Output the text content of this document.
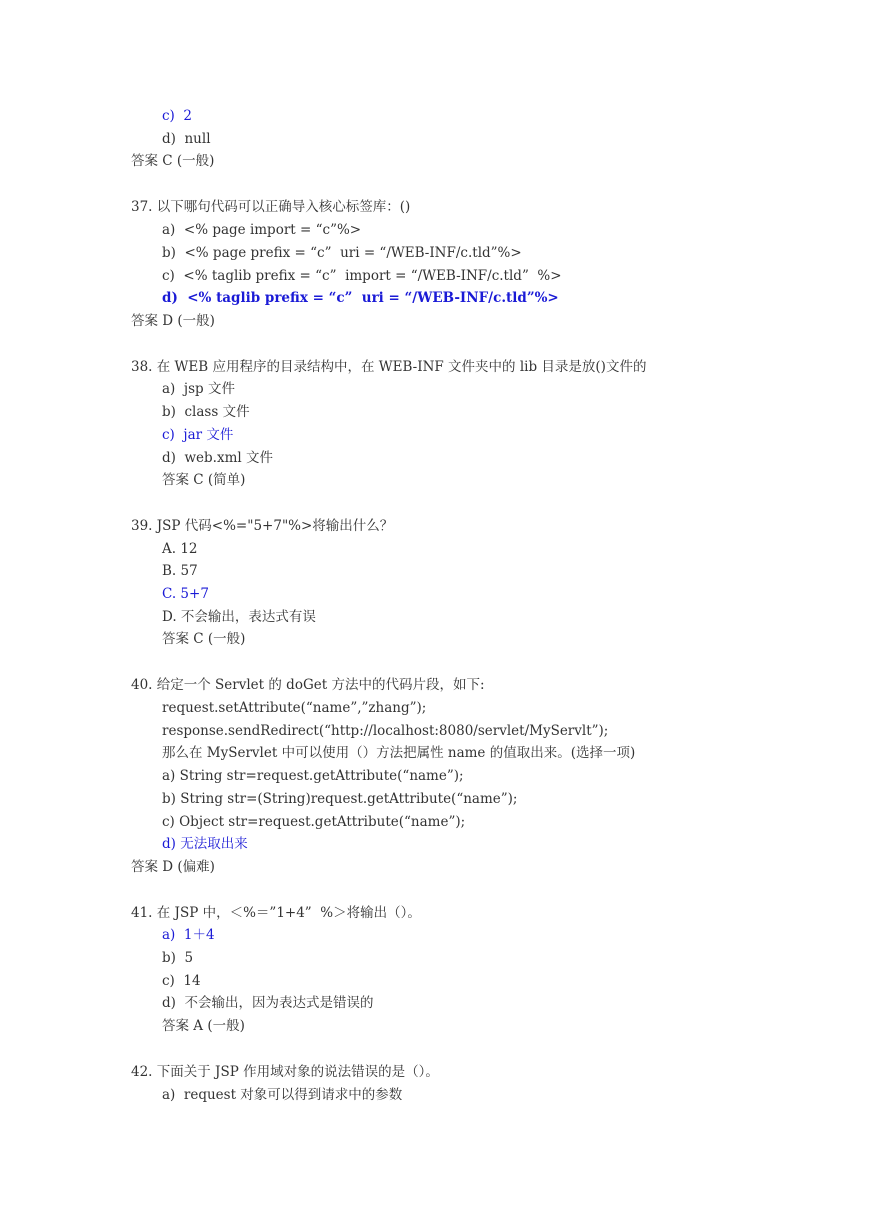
c)  2
d)  null
答案 C (一般)
37. 以下哪句代码可以正确导入核心标签库：()
a)  <% page import = “c”%>
b)  <% page prefix = “c”  uri = “/WEB-INF/c.tld”%>
c)  <% taglib prefix = “c”  import = “/WEB-INF/c.tld”  %>
d)  <% taglib prefix = “c”  uri = “/WEB-INF/c.tld”%>
答案 D (一般)
38. 在 WEB 应用程序的目录结构中，在 WEB-INF 文件夹中的 lib 目录是放()文件的
a)  jsp 文件
b)  class 文件
c)  jar 文件
d)  web.xml 文件
答案 C (简单)
39. JSP 代码<%="5+7"%>将输出什么？
A. 12
B. 57
C. 5+7
D. 不会输出，表达式有误
答案 C (一般)
40. 给定一个 Servlet 的 doGet 方法中的代码片段，如下:
request.setAttribute(“name”,”zhang”);
response.sendRedirect(“http://localhost:8080/servlet/MyServlt”);
那么在 MyServlet 中可以使用（）方法把属性 name 的值取出来。(选择一项)
a) String str=request.getAttribute(“name”);
b) String str=(String)request.getAttribute(“name”);
c) Object str=request.getAttribute(“name”);
d) 无法取出来
答案 D (偏难)
41. 在 JSP 中，＜%＝”1+4”  %＞将输出（）。
a)  1＋4
b)  5
c)  14
d)  不会输出，因为表达式是错误的
答案 A (一般)
42. 下面关于 JSP 作用域对象的说法错误的是（）。
a)  request 对象可以得到请求中的参数
